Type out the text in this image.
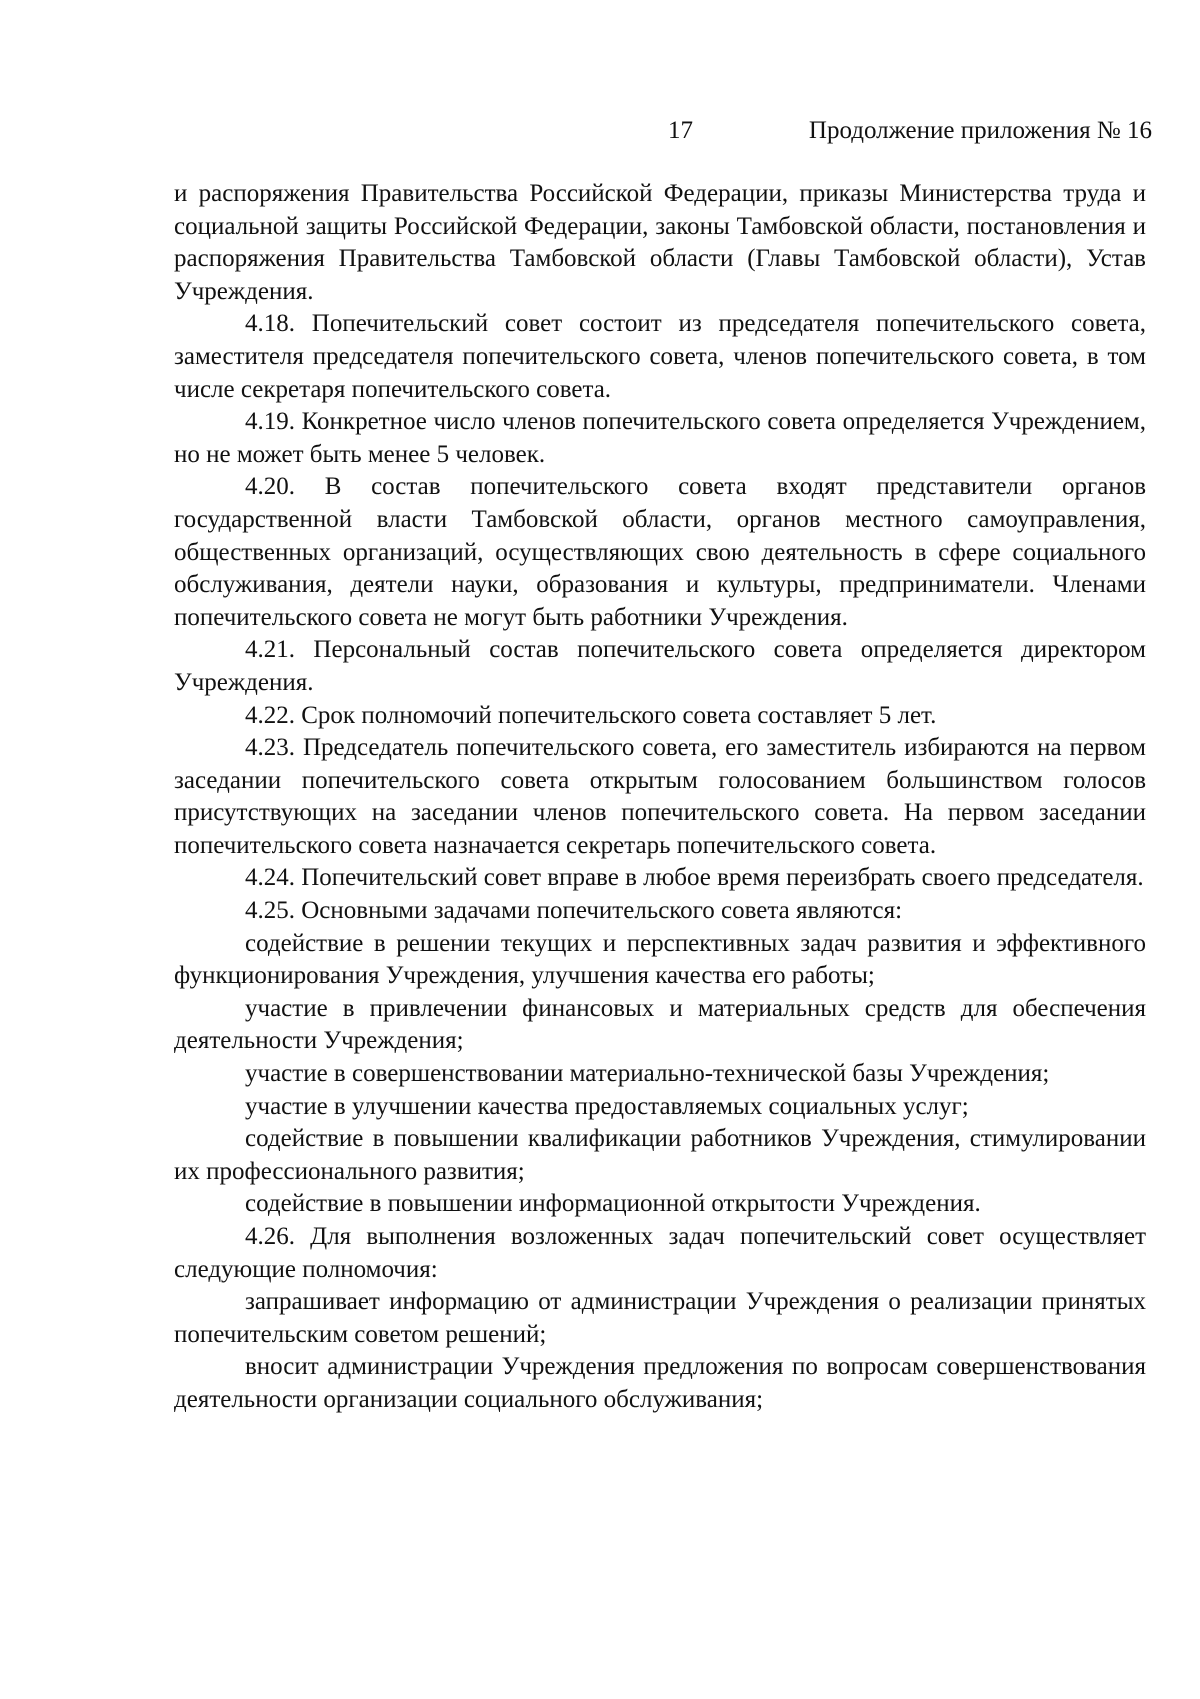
17	Продолжение приложения № 16

и распоряжения Правительства Российской Федерации, приказы Министерства труда и социальной защиты Российской Федерации, законы Тамбовской области, постановления и распоряжения Правительства Тамбовской области (Главы Тамбовской области), Устав Учреждения.

4.18. Попечительский совет состоит из председателя попечительского совета, заместителя председателя попечительского совета, членов попечительского совета, в том числе секретаря попечительского совета.

4.19. Конкретное число членов попечительского совета определяется Учреждением, но не может быть менее 5 человек.

4.20. В состав попечительского совета входят представители органов государственной власти Тамбовской области, органов местного самоуправления, общественных организаций, осуществляющих свою деятельность в сфере социального обслуживания, деятели науки, образования и культуры, предприниматели. Членами попечительского совета не могут быть работники Учреждения.

4.21. Персональный состав попечительского совета определяется директором Учреждения.

4.22. Срок полномочий попечительского совета составляет 5 лет.

4.23. Председатель попечительского совета, его заместитель избираются на первом заседании попечительского совета открытым голосованием большинством голосов присутствующих на заседании членов попечительского совета. На первом заседании попечительского совета назначается секретарь попечительского совета.

4.24. Попечительский совет вправе в любое время переизбрать своего председателя.

4.25. Основными задачами попечительского совета являются:

содействие в решении текущих и перспективных задач развития и эффективного функционирования Учреждения, улучшения качества его работы;

участие в привлечении финансовых и материальных средств для обеспечения деятельности Учреждения;

участие в совершенствовании материально-технической базы Учреждения;

участие в улучшении качества предоставляемых социальных услуг;

содействие в повышении квалификации работников Учреждения, стимулировании их профессионального развития;

содействие в повышении информационной открытости Учреждения.

4.26. Для выполнения возложенных задач попечительский совет осуществляет следующие полномочия:

запрашивает информацию от администрации Учреждения о реализации принятых попечительским советом решений;

вносит администрации Учреждения предложения по вопросам совершенствования деятельности организации социального обслуживания;
